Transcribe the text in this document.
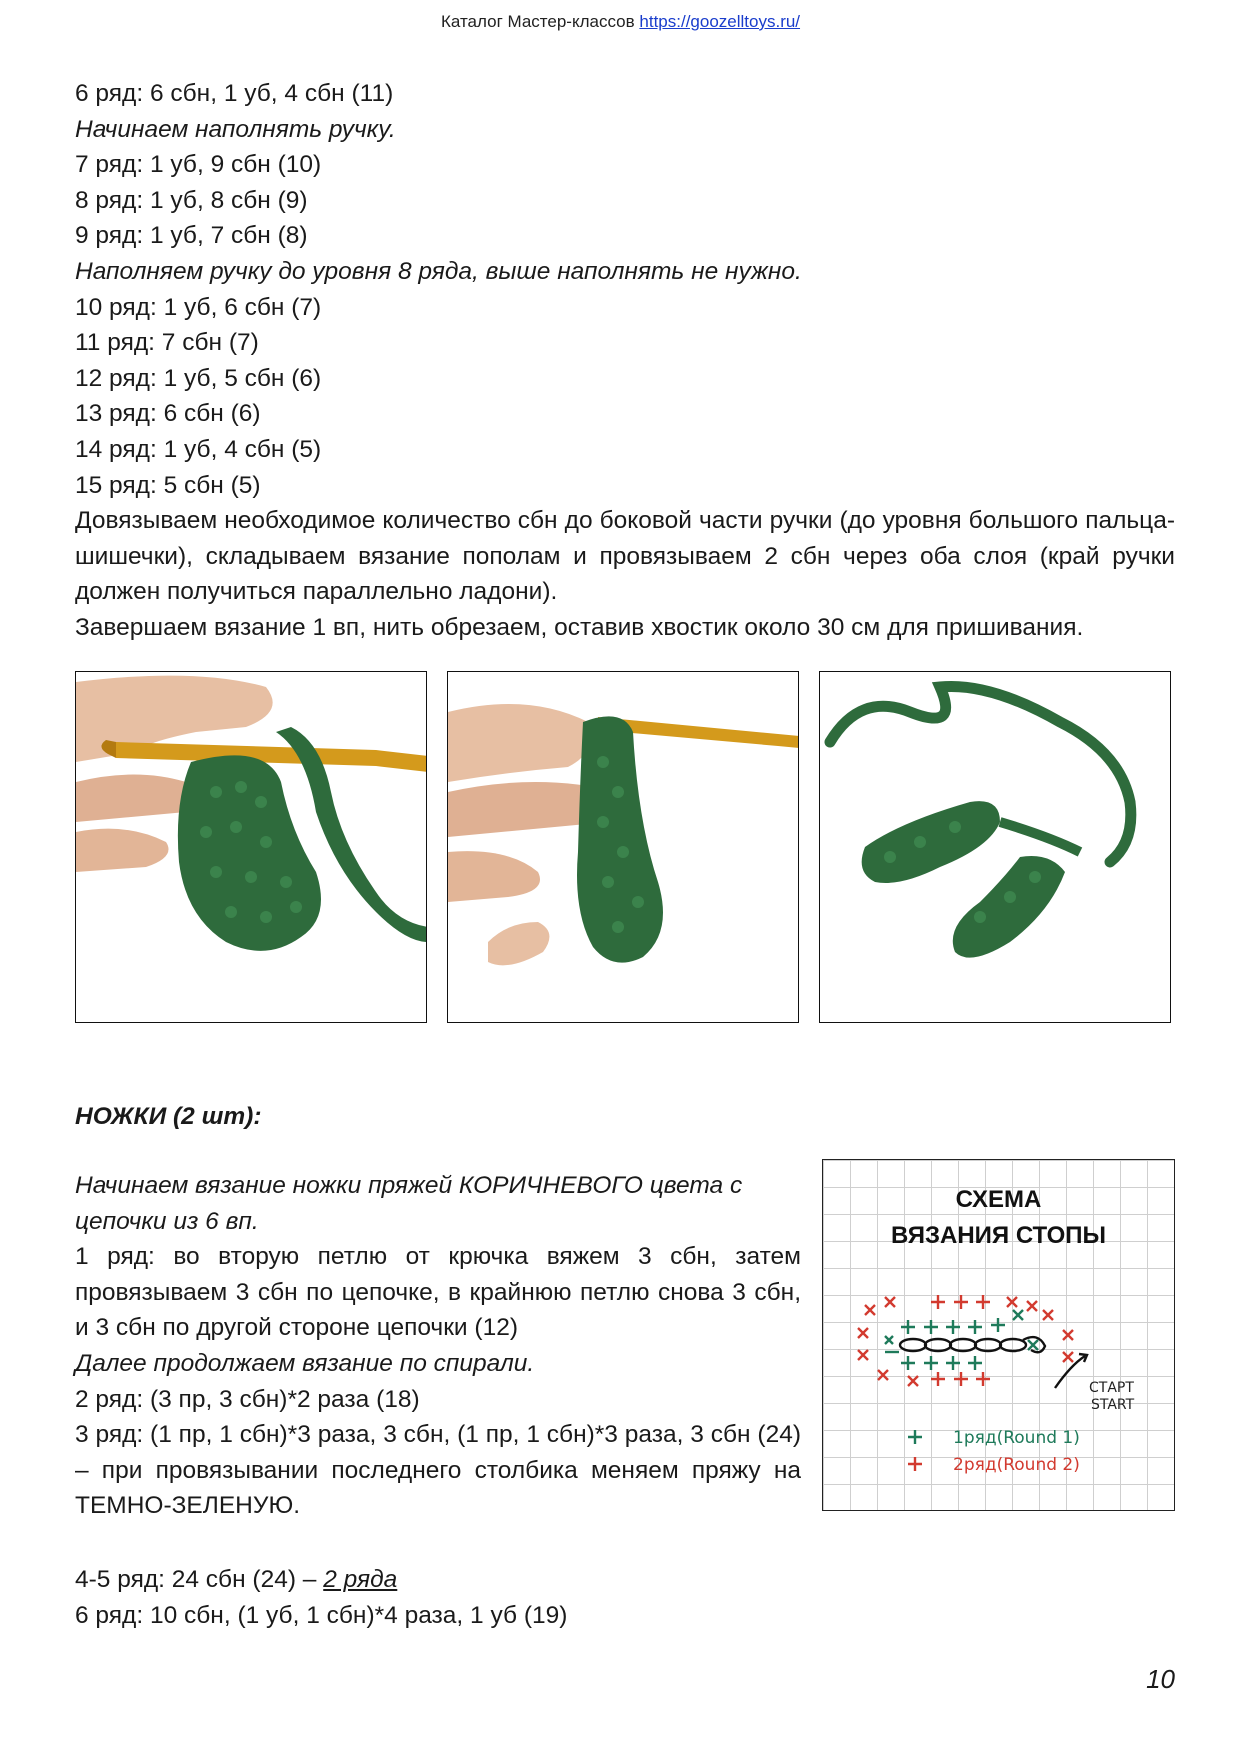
Каталог Мастер-классов https://goozelltoys.ru/

6 ряд: 6 сбн, 1 уб, 4 сбн (11)

Начинаем наполнять ручку.

7 ряд: 1 уб, 9 сбн (10)

8 ряд: 1 уб, 8 сбн (9)

9 ряд: 1 уб, 7 сбн (8)

Наполняем ручку до уровня 8 ряда, выше наполнять не нужно.

10 ряд: 1 уб, 6 сбн (7)

11 ряд: 7 сбн (7)

12 ряд: 1 уб, 5 сбн (6)

13 ряд: 6 сбн (6)

14 ряд: 1 уб, 4 сбн (5)

15 ряд: 5 сбн (5)

Довязываем необходимое количество сбн до боковой части ручки (до уровня большого пальца-шишечки), складываем вязание пополам и провязываем 2 сбн через оба слоя (край ручки должен получиться параллельно ладони).

Завершаем вязание 1 вп, нить обрезаем, оставив хвостик около 30 см для пришивания.

НОЖКИ (2 шт):

Начинаем вязание ножки пряжей КОРИЧНЕВОГО цвета с цепочки из 6 вп.

1 ряд: во вторую петлю от крючка вяжем 3 сбн, затем провязываем 3 сбн по цепочке, в крайнюю петлю снова 3 сбн, и 3 сбн по другой стороне цепочки (12)

Далее продолжаем вязание по спирали.

2 ряд: (3 пр, 3 сбн)*2 раза (18)

3 ряд: (1 пр, 1 сбн)*3 раза, 3 сбн, (1 пр, 1 сбн)*3 раза, 3 сбн (24) – при провязывании последнего столбика меняем пряжу на ТЕМНО-ЗЕЛЕНУЮ.

СХЕМА
ВЯЗАНИЯ СТОПЫ
СТАРТ
START
1ряд(Round 1)
2ряд(Round 2)

4-5 ряд: 24 сбн (24) – 2 ряда

6 ряд: 10 сбн, (1 уб, 1 сбн)*4 раза, 1 уб (19)

10
